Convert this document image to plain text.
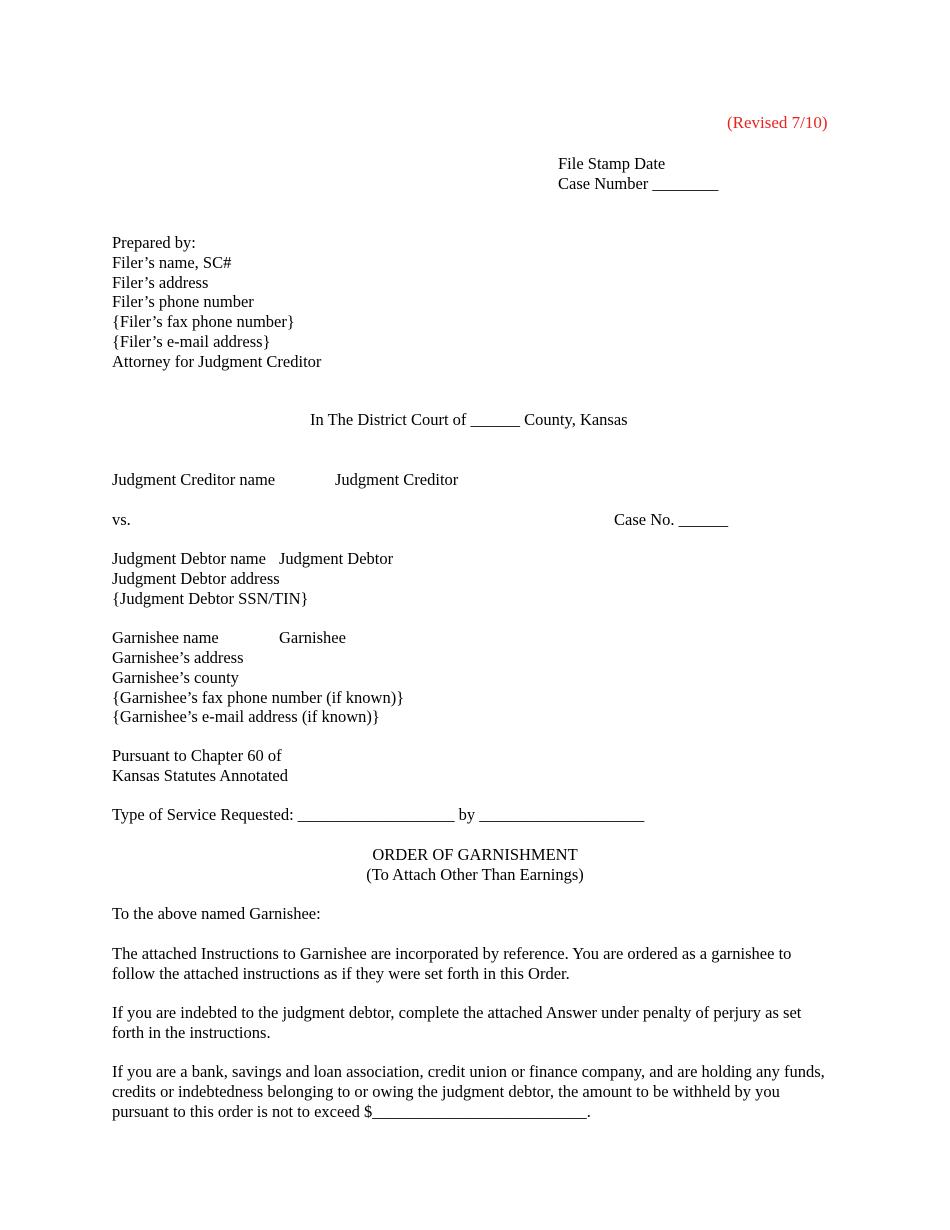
(Revised 7/10)
File Stamp Date
Case Number ________
Prepared by:
Filer’s name, SC#
Filer’s address
Filer’s phone number
{Filer’s fax phone number}
{Filer’s e-mail address}
Attorney for Judgment Creditor
In The District Court of ______ County, Kansas
Judgment Creditor name	Judgment Creditor
vs.	Case No. ______
Judgment Debtor name Judgment Debtor
Judgment Debtor address
{Judgment Debtor SSN/TIN}
Garnishee name	Garnishee
Garnishee’s address
Garnishee’s county
{Garnishee’s fax phone number (if known)}
{Garnishee’s e-mail address (if known)}
Pursuant to Chapter 60 of
Kansas Statutes Annotated
Type of Service Requested: ___________________ by ____________________
ORDER OF GARNISHMENT
(To Attach Other Than Earnings)
To the above named Garnishee:
The attached Instructions to Garnishee are incorporated by reference. You are ordered as a garnishee to follow the attached instructions as if they were set forth in this Order.
If you are indebted to the judgment debtor, complete the attached Answer under penalty of perjury as set forth in the instructions.
If you are a bank, savings and loan association, credit union or finance company, and are holding any funds, credits or indebtedness belonging to or owing the judgment debtor, the amount to be withheld by you pursuant to this order is not to exceed $__________________________.
